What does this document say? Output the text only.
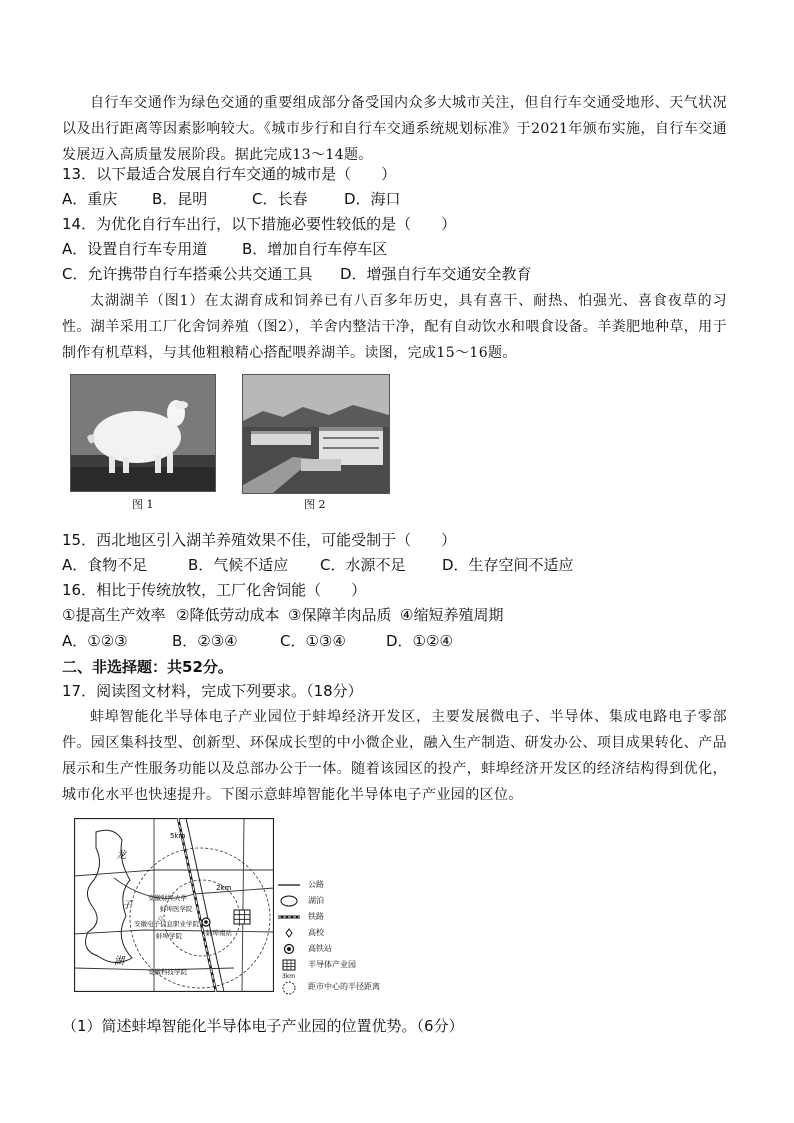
自行车交通作为绿色交通的重要组成部分备受国内众多大城市关注，但自行车交通受地形、天气状况以及出行距离等因素影响较大。《城市步行和自行车交通系统规划标准》于2021年颁布实施，自行车交通发展迈入高质量发展阶段。据此完成13～14题。
13．以下最适合发展自行车交通的城市是（　　）
A．重庆 B．昆明	C．长春 D．海口
14．为优化自行车出行，以下措施必要性较低的是（　　）
A．设置自行车专用道 B．增加自行车停车区
C．允许携带自行车搭乘公共交通工具 D．增强自行车交通安全教育
太湖湖羊（图1）在太湖育成和饲养已有八百多年历史，具有喜干、耐热、怕强光、喜食夜草的习性。湖羊采用工厂化舍饲养殖（图2），羊舍内整洁干净，配有自动饮水和喂食设备。羊粪肥地种草，用于制作有机草料，与其他粗粮精心搭配喂养湖羊。读图，完成15～16题。
图 1	图 2
15．西北地区引入湖羊养殖效果不佳，可能受制于（　　）
A．食物不足	B．气候不适应 C．水源不足 D．生存空间不适应
16．相比于传统放牧，工厂化舍饲能（　　）
①提高生产效率 ②降低劳动成本 ③保障羊肉品质 ④缩短养殖周期
A．①②③	B．②③④	C．①③④	D．①②④
二、非选择题：共52分。
17．阅读图文材料，完成下列要求。（18分）
蚌埠智能化半导体电子产业园位于蚌埠经济开发区，主要发展微电子、半导体、集成电路电子零部件。园区集科技型、创新型、环保成长型的中小微企业，融入生产制造、研发办公、项目成果转化、产品展示和生产性服务功能以及总部办公于一体。随着该园区的投产，蚌埠经济开发区的经济结构得到优化，城市化水平也快速提升。下图示意蚌埠智能化半导体电子产业园的区位。
5km
2km
龙
子
湖
安徽财经大学
蚌埠医学院
◇
安徽电子信息职业学院
蚌埠学院
安徽科技学院
蚌埠南站
公路
湖泊
铁路
高校
高铁站
半导体产业园
3km
距市中心的半径距离
（1）简述蚌埠智能化半导体电子产业园的位置优势。（6分）
